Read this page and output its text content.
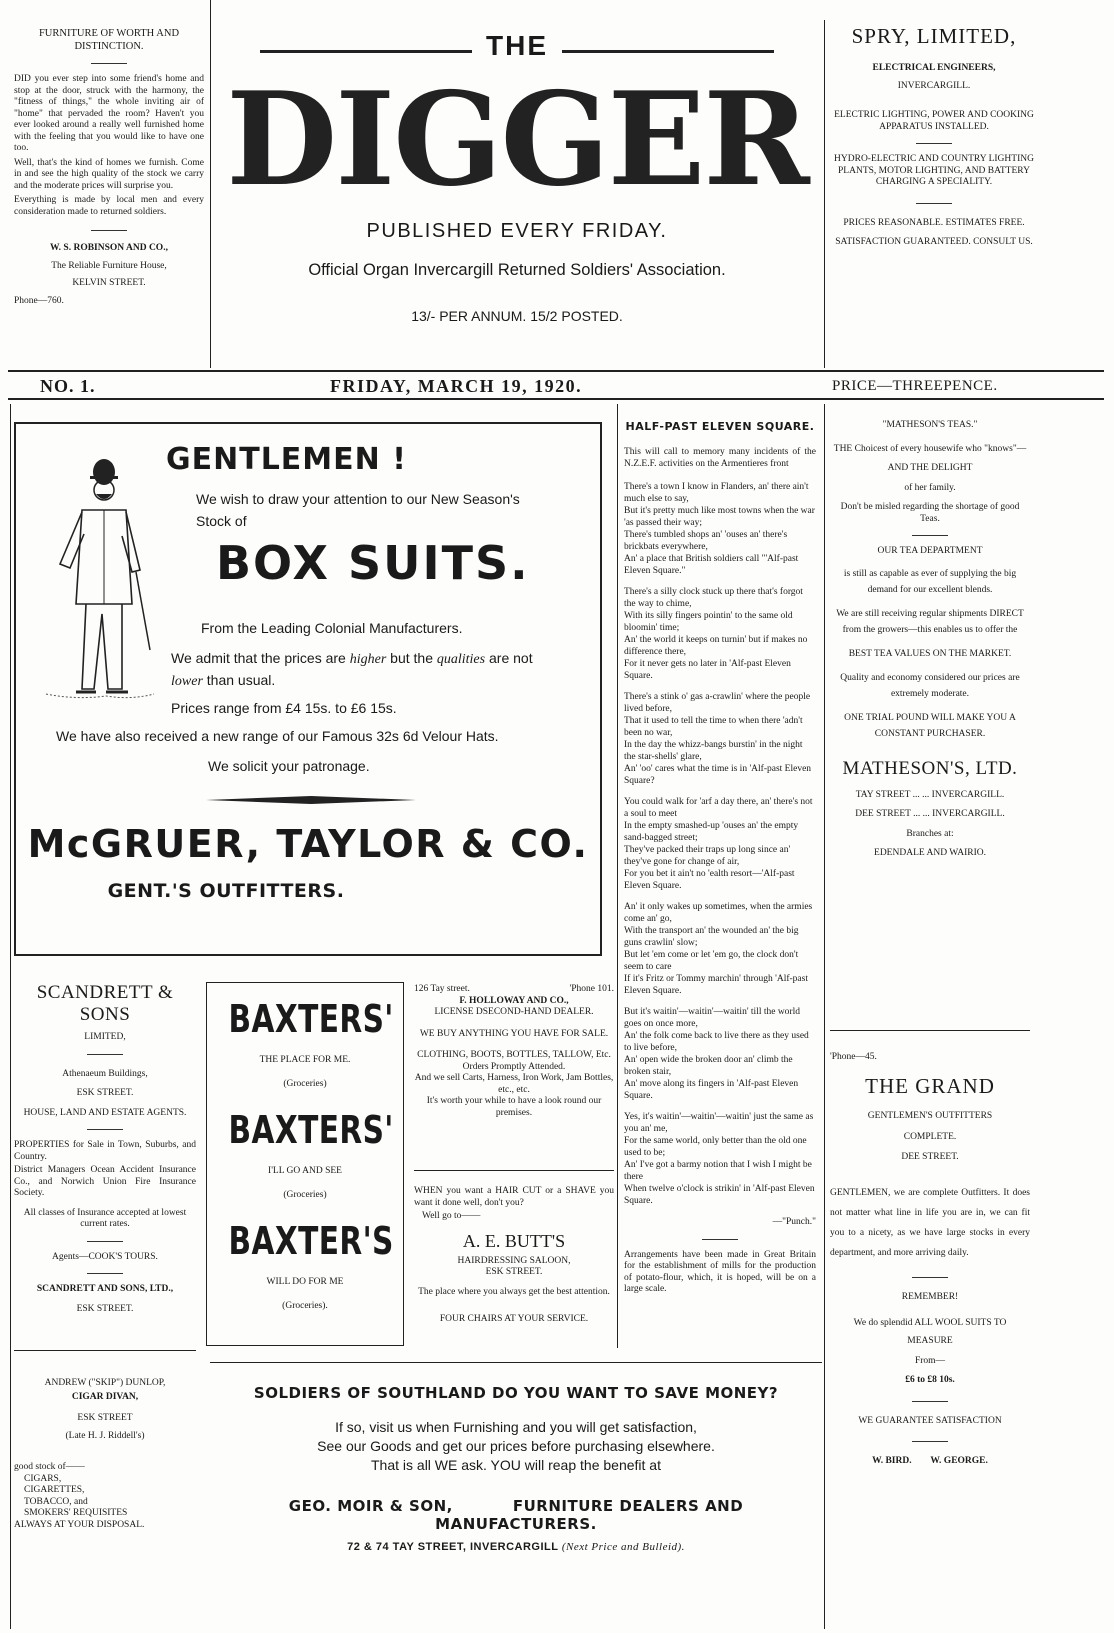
FURNITURE OF WORTH AND DISTINCTION.
DID you ever step into some friend's home and stop at the door, struck with the harmony, the "fitness of things," the whole inviting air of "home" that pervaded the room? Haven't you ever looked around a really well furnished home with the feeling that you would like to have one too.
Well, that's the kind of homes we furnish. Come in and see the high quality of the stock we carry and the moderate prices will surprise you.
Everything is made by local men and every consideration made to returned soldiers.
W. S. ROBINSON AND CO.,
The Reliable Furniture House,
KELVIN STREET.
Phone—760.
THE
DIGGER
PUBLISHED EVERY FRIDAY.
Official Organ Invercargill Returned Soldiers' Association.
13/- PER ANNUM. 15/2 POSTED.
SPRY, LIMITED,
ELECTRICAL ENGINEERS,
INVERCARGILL.
ELECTRIC LIGHTING, POWER AND COOKING APPARATUS INSTALLED.
HYDRO-ELECTRIC AND COUNTRY LIGHTING PLANTS, MOTOR LIGHTING, AND BATTERY CHARGING A SPECIALITY.
PRICES REASONABLE. ESTIMATES FREE.
SATISFACTION GUARANTEED. CONSULT US.
NO. 1.	FRIDAY, MARCH 19, 1920.	PRICE—THREEPENCE.
GENTLEMEN !
We wish to draw your attention to our New Season's Stock of
BOX SUITS.
From the Leading Colonial Manufacturers.
We admit that the prices are higher but the qualities are not lower than usual.
Prices range from £4 15s. to £6 15s.
We have also received a new range of our Famous 32s 6d Velour Hats.
We solicit your patronage.
McGRUER, TAYLOR & CO.
GENT.'S OUTFITTERS.
HALF-PAST ELEVEN SQUARE.
This will call to memory many incidents of the N.Z.E.F. activities on the Armentieres front

There's a town I know in Flanders, an' there ain't much else to say,

But it's pretty much like most towns when the war 'as passed their way;

There's tumbled shops an' 'ouses an' there's brickbats everywhere,

An' a place that British soldiers call "'Alf-past Eleven Square."

There's a silly clock stuck up there that's forgot the way to chime,

With its silly fingers pointin' to the same old bloomin' time;

An' the world it keeps on turnin' but if makes no difference there,

For it never gets no later in 'Alf-past Eleven Square.

There's a stink o' gas a-crawlin' where the people lived before,

That it used to tell the time to when there 'adn't been no war,

In the day the whizz-bangs burstin' in the night the star-shells' glare,

An' 'oo' cares what the time is in 'Alf-past Eleven Square?

You could walk for 'arf a day there, an' there's not a soul to meet

In the empty smashed-up 'ouses an' the empty sand-bagged street;

They've packed their traps up long since an' they've gone for change of air,

For you bet it ain't no 'ealth resort—'Alf-past Eleven Square.

An' it only wakes up sometimes, when the armies come an' go,

With the transport an' the wounded an' the big guns crawlin' slow;

But let 'em come or let 'em go, the clock don't seem to care

If it's Fritz or Tommy marchin' through 'Alf-past Eleven Square.

But it's waitin'—waitin'—waitin' till the world goes on once more,

An' the folk come back to live there as they used to live before,

An' open wide the broken door an' climb the broken stair,

An' move along its fingers in 'Alf-past Eleven Square.

Yes, it's waitin'—waitin'—waitin' just the same as you an' me,

For the same world, only better than the old one used to be;

An' I've got a barmy notion that I wish I might be there

When twelve o'clock is strikin' in 'Alf-past Eleven Square.

—"Punch."
Arrangements have been made in Great Britain for the establishment of mills for the production of potato-flour, which, it is hoped, will be on a large scale.
"MATHESON'S TEAS."
THE Choicest of every housewife who "knows"—
AND THE DELIGHT
of her family.
Don't be misled regarding the shortage of good Teas.
OUR TEA DEPARTMENT
is still as capable as ever of supplying the big demand for our excellent blends.
We are still receiving regular shipments DIRECT from the growers—this enables us to offer the
BEST TEA VALUES ON THE MARKET.
Quality and economy considered our prices are extremely moderate.
ONE TRIAL POUND WILL MAKE YOU A CONSTANT PURCHASER.
MATHESON'S, LTD.
TAY STREET ... ... INVERCARGILL.
DEE STREET ... ... INVERCARGILL.
Branches at:
EDENDALE AND WAIRIO.
'Phone—45.
THE GRAND
GENTLEMEN'S OUTFITTERS
COMPLETE.
DEE STREET.
GENTLEMEN, we are complete Outfitters. It does not matter what line in life you are in, we can fit you to a nicety, as we have large stocks in every department, and more arriving daily.
REMEMBER!
We do splendid ALL WOOL SUITS TO MEASURE
From—
£6 to £8 10s.
WE GUARANTEE SATISFACTION
W. BIRD.        W. GEORGE.
SCANDRETT & SONS
LIMITED,
Athenaeum Buildings,
ESK STREET.
HOUSE, LAND AND ESTATE AGENTS.
PROPERTIES for Sale in Town, Suburbs, and Country.
District Managers Ocean Accident Insurance Co., and Norwich Union Fire Insurance Society.
All classes of Insurance accepted at lowest current rates.
Agents—COOK'S TOURS.
SCANDRETT AND SONS, LTD.,
ESK STREET.
ANDREW ("SKIP") DUNLOP,
CIGAR DIVAN,
ESK STREET
(Late H. J. Riddell's)
good stock of——
CIGARS,
CIGARETTES,
TOBACCO, and
SMOKERS' REQUISITES
ALWAYS AT YOUR DISPOSAL.
BAXTERS'
THE PLACE FOR ME.
(Groceries)
BAXTERS'
I'LL GO AND SEE
(Groceries)
BAXTER'S
WILL DO FOR ME
(Groceries).
126 Tay street.	'Phone 101.
F. HOLLOWAY AND CO.,
LICENSE DSECOND-HAND DEALER.
WE BUY ANYTHING YOU HAVE FOR SALE.
CLOTHING, BOOTS, BOTTLES, TALLOW, Etc.
Orders Promptly Attended.
And we sell Carts, Harness, Iron Work, Jam Bottles, etc., etc.
It's worth your while to have a look round our premises.
WHEN you want a HAIR CUT or a SHAVE you want it done well, don't you?
Well go to——
A. E. BUTT'S
HAIRDRESSING SALOON,
ESK STREET.
The place where you always get the best attention.
FOUR CHAIRS AT YOUR SERVICE.
SOLDIERS OF SOUTHLAND DO YOU WANT TO SAVE MONEY?
If so, visit us when Furnishing and you will get satisfaction,
See our Goods and get our prices before purchasing elsewhere.
That is all WE ask. YOU will reap the benefit at
GEO. MOIR & SON,	FURNITURE DEALERS AND MANUFACTURERS.
72 & 74 TAY STREET, INVERCARGILL (Next Price and Bulleid).
